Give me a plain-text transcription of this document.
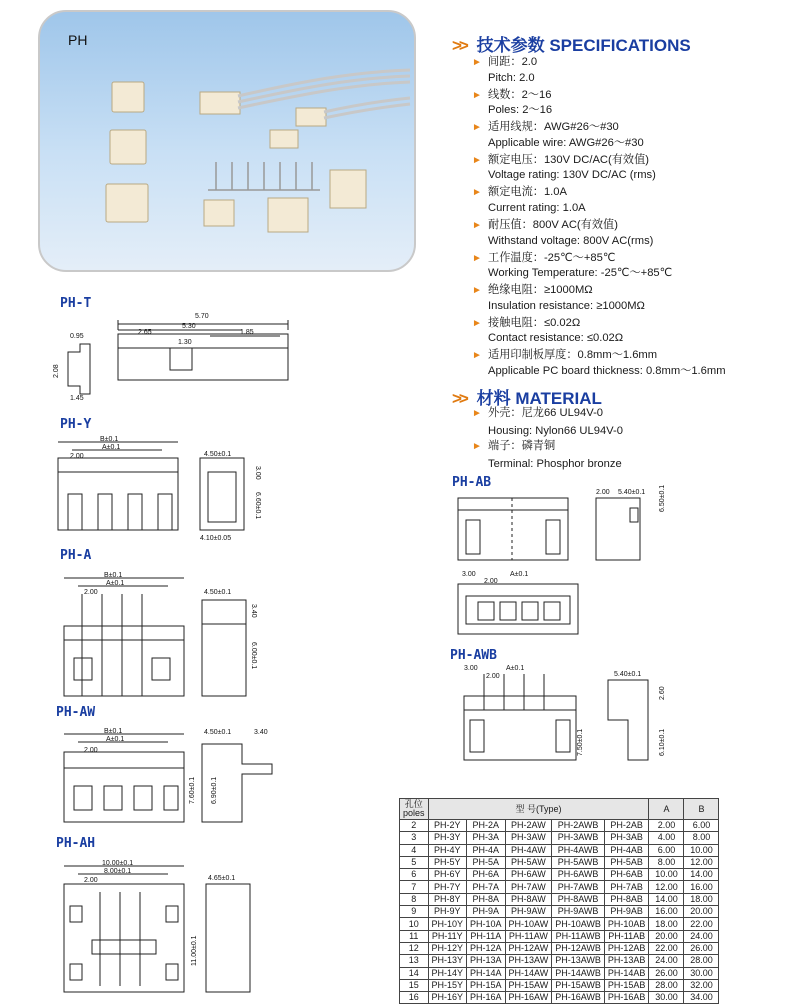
PH	>> 技术参数 SPECIFICATIONS
► 间距：2.0
Pitch: 2.0
► 线数：2～16
Poles: 2～16
► 适用线规：AWG#26～#30
Applicable wire: AWG#26～#30
► 额定电压：130V DC/AC(有效值)
Voltage rating: 130V DC/AC (rms)
► 额定电流：1.0A
Current rating: 1.0A
► 耐压值：800V AC(有效值)
Withstand voltage: 800V AC(rms)
► 工作温度：-25℃～+85℃
Working Temperature: -25℃～+85℃
► 绝缘电阻：≥1000MΩ
Insulation resistance: ≥1000MΩ
► 接触电阻：≤0.02Ω
Contact resistance: ≤0.02Ω
► 适用印制板厚度：0.8mm～1.6mm
Applicable PC board thickness: 0.8mm～1.6mm
>> 材料 MATERIAL
► 外壳：尼龙66 UL94V-0
Housing: Nylon66 UL94V-0
► 端子：磷青铜
Terminal: Phosphor bronze
PH-T
5.70
5.30
2.65	1.85
1.30
0.95
2.08
1.45
PH-Y
B±0.1
A±0.1
2.00	4.50±0.1
3.00
6.60±0.1
4.10±0.05
PH-A
B±0.1
A±0.1
2.00	4.50±0.1
3.40
6.00±0.1
PH-AW
B±0.1
A±0.1
2.00
4.50±0.1	3.40
7.60±0.1 6.90±0.1
PH-AH
10.00±0.1
8.00±0.1
2.00	4.65±0.1
11.00±0.1
PH-AB
2.00 5.40±0.1 6.50±0.1
3.00	A±0.1
2.00
PH-AWB
3.00	A±0.1
2.00	5.40±0.1
2.60
7.50±0.1	6.10±0.1
孔位
poles	型 号(Type)					A	B
2	PH-2Y	PH-2A	PH-2AW	PH-2AWB	PH-2AB	2.00	6.00
3	PH-3Y	PH-3A	PH-3AW	PH-3AWB	PH-3AB	4.00	8.00
4	PH-4Y	PH-4A	PH-4AW	PH-4AWB	PH-4AB	6.00	10.00
5	PH-5Y	PH-5A	PH-5AW	PH-5AWB	PH-5AB	8.00	12.00
6	PH-6Y	PH-6A	PH-6AW	PH-6AWB	PH-6AB	10.00	14.00
7	PH-7Y	PH-7A	PH-7AW	PH-7AWB	PH-7AB	12.00	16.00
8	PH-8Y	PH-8A	PH-8AW	PH-8AWB	PH-8AB	14.00	18.00
9	PH-9Y	PH-9A	PH-9AW	PH-9AWB	PH-9AB	16.00	20.00
10	PH-10Y	PH-10A	PH-10AW	PH-10AWB	PH-10AB	18.00	22.00
11	PH-11Y	PH-11A	PH-11AW	PH-11AWB	PH-11AB	20.00	24.00
12	PH-12Y	PH-12A	PH-12AW	PH-12AWB	PH-12AB	22.00	26.00
13	PH-13Y	PH-13A	PH-13AW	PH-13AWB	PH-13AB	24.00	28.00
14	PH-14Y	PH-14A	PH-14AW	PH-14AWB	PH-14AB	26.00	30.00
15	PH-15Y	PH-15A	PH-15AW	PH-15AWB	PH-15AB	28.00	32.00
16	PH-16Y	PH-16A	PH-16AW	PH-16AWB	PH-16AB	30.00	34.00
